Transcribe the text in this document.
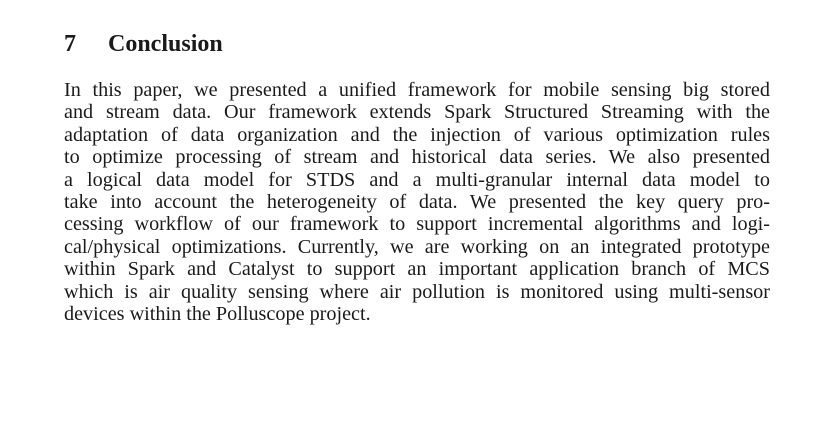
7 Conclusion
In this paper, we presented a unified framework for mobile sensing big stored
and stream data. Our framework extends Spark Structured Streaming with the
adaptation of data organization and the injection of various optimization rules
to optimize processing of stream and historical data series. We also presented
a logical data model for STDS and a multi-granular internal data model to
take into account the heterogeneity of data. We presented the key query pro-
cessing workflow of our framework to support incremental algorithms and logi-
cal/physical optimizations. Currently, we are working on an integrated prototype
within Spark and Catalyst to support an important application branch of MCS
which is air quality sensing where air pollution is monitored using multi-sensor
devices within the Polluscope project.
